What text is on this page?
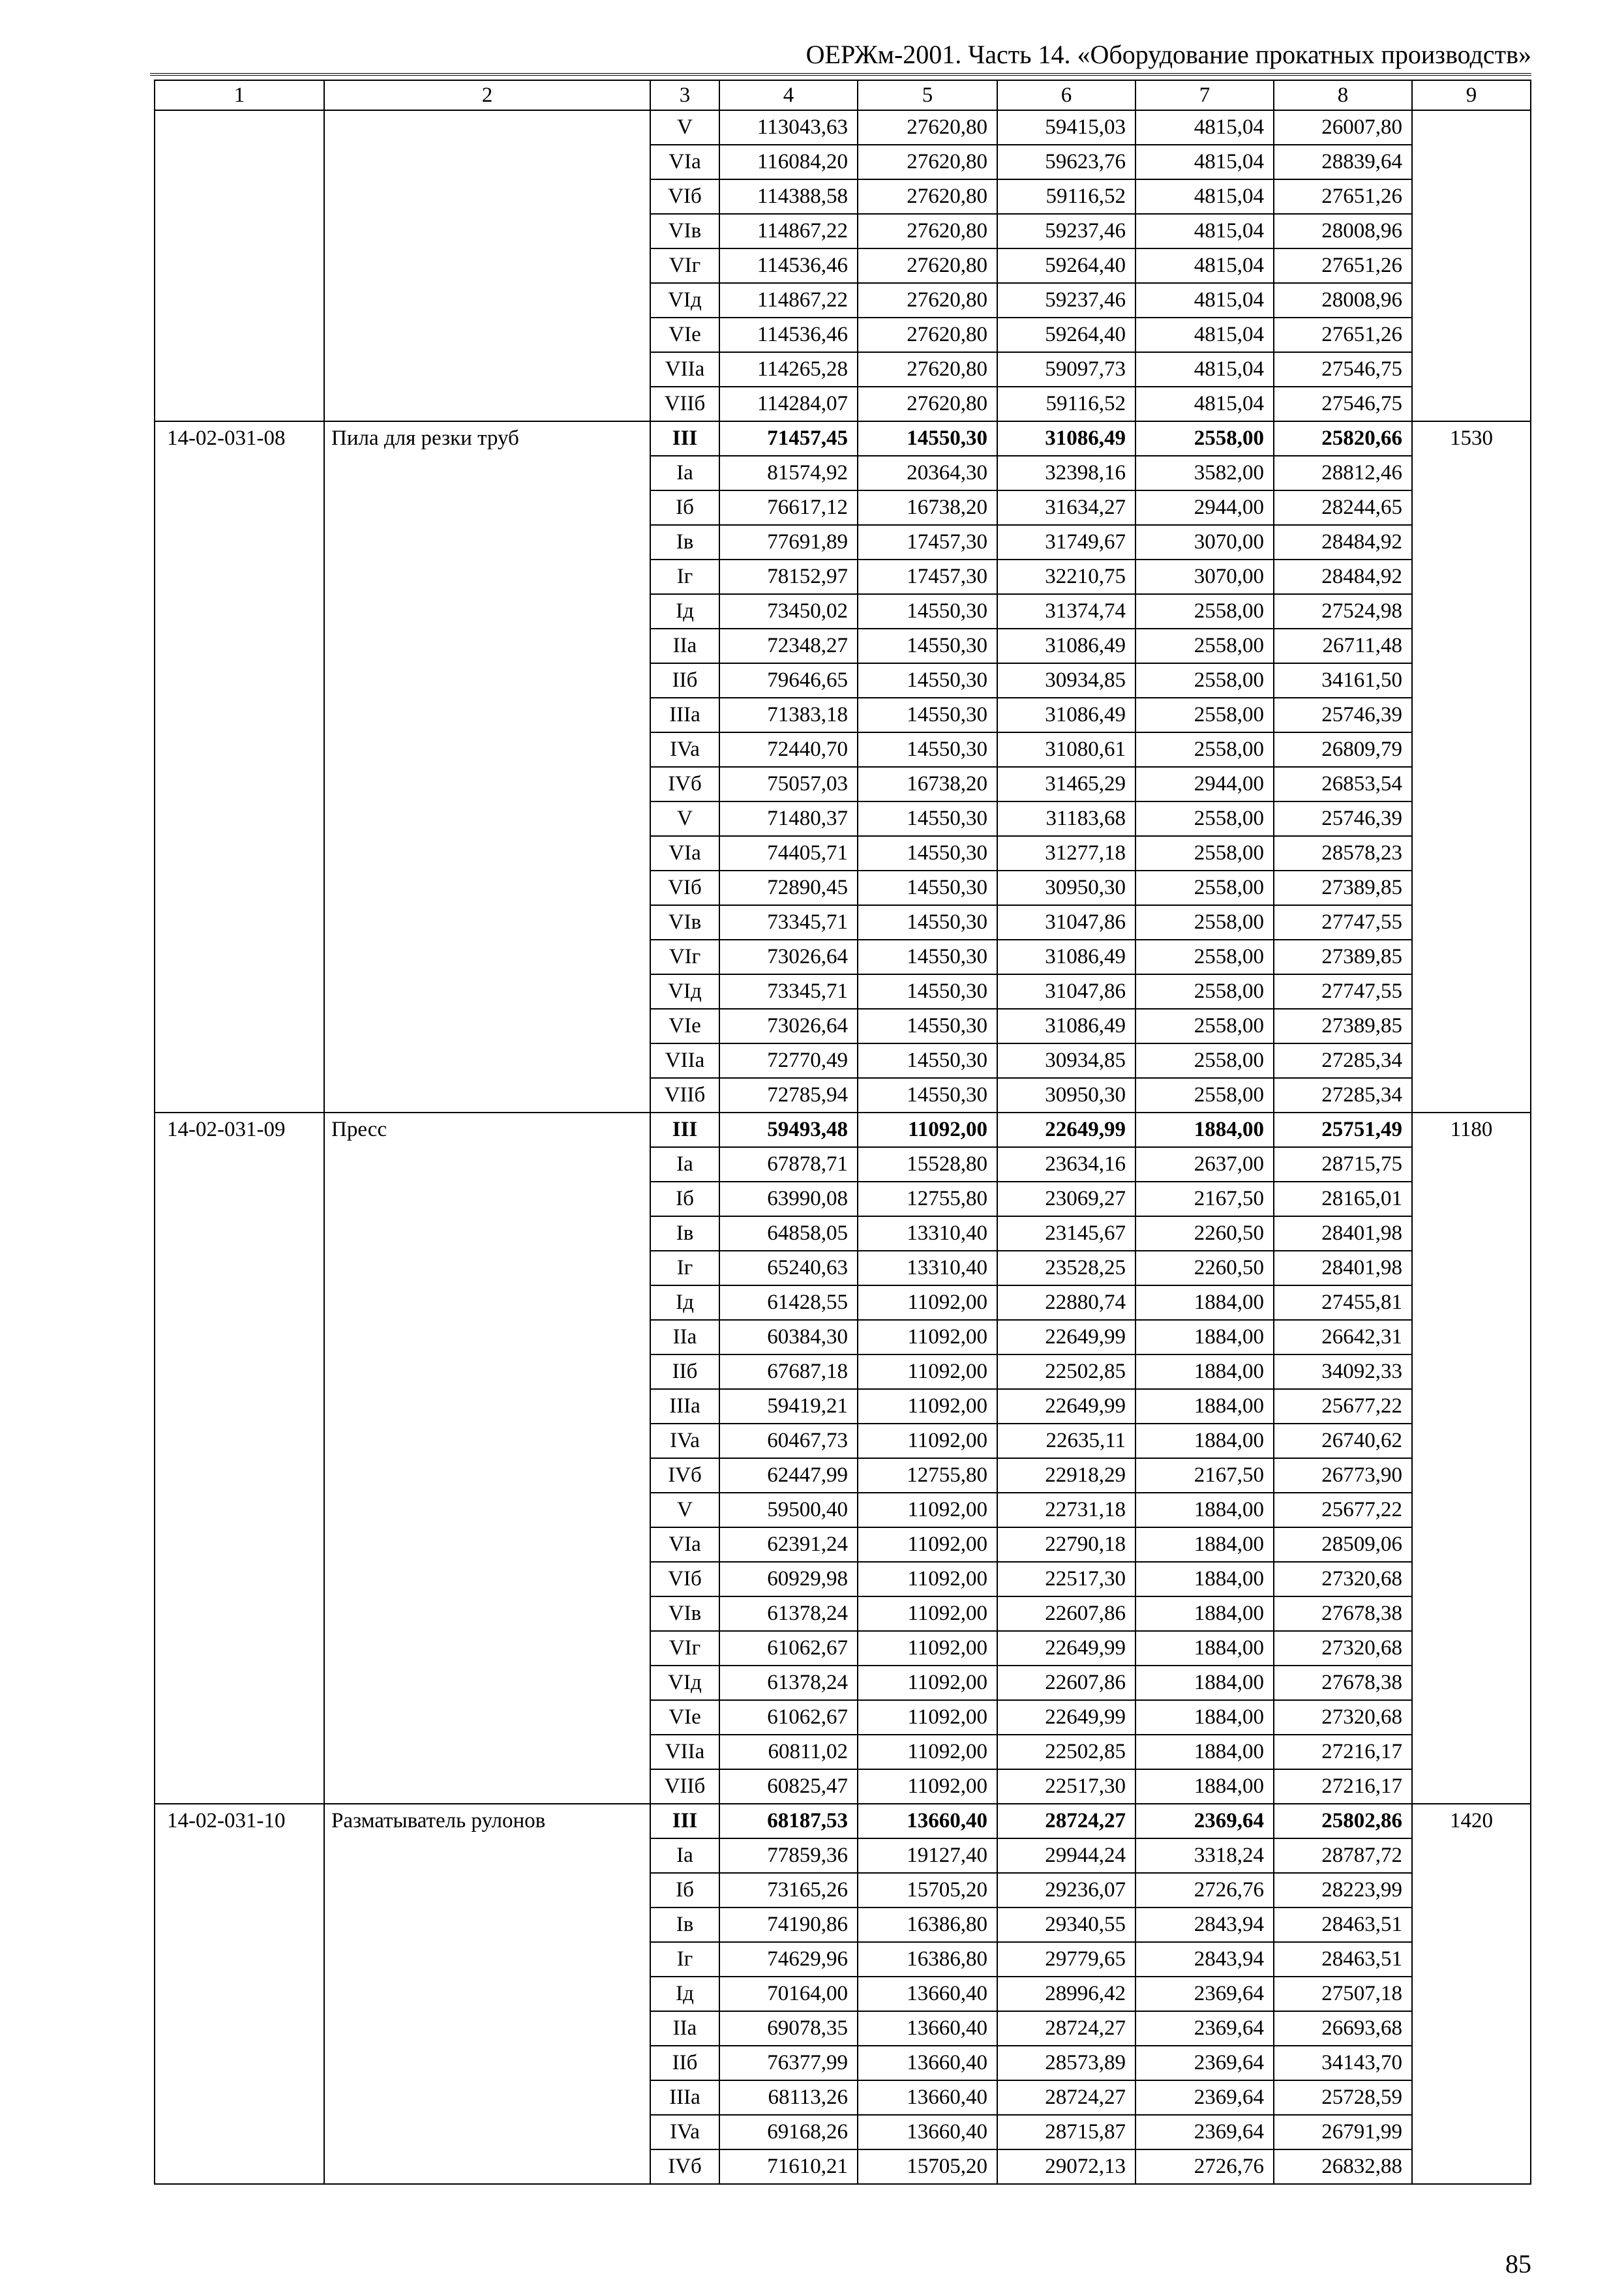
ОЕРЖм-2001. Часть 14. «Оборудование прокатных производств»
1	2	3	4	5	6	7	8	9
		V	113043,63	27620,80	59415,03	4815,04	26007,80	
		VIa	116084,20	27620,80	59623,76	4815,04	28839,64	
		VIб	114388,58	27620,80	59116,52	4815,04	27651,26	
		VIв	114867,22	27620,80	59237,46	4815,04	28008,96	
		VIг	114536,46	27620,80	59264,40	4815,04	27651,26	
		VIд	114867,22	27620,80	59237,46	4815,04	28008,96	
		VIe	114536,46	27620,80	59264,40	4815,04	27651,26	
		VIIa	114265,28	27620,80	59097,73	4815,04	27546,75	
		VIIб	114284,07	27620,80	59116,52	4815,04	27546,75	
14-02-031-08	Пила для резки труб	III	71457,45	14550,30	31086,49	2558,00	25820,66	1530
		Ia	81574,92	20364,30	32398,16	3582,00	28812,46	
		Iб	76617,12	16738,20	31634,27	2944,00	28244,65	
		Iв	77691,89	17457,30	31749,67	3070,00	28484,92	
		Iг	78152,97	17457,30	32210,75	3070,00	28484,92	
		Iд	73450,02	14550,30	31374,74	2558,00	27524,98	
		IIa	72348,27	14550,30	31086,49	2558,00	26711,48	
		IIб	79646,65	14550,30	30934,85	2558,00	34161,50	
		IIIa	71383,18	14550,30	31086,49	2558,00	25746,39	
		IVa	72440,70	14550,30	31080,61	2558,00	26809,79	
		IVб	75057,03	16738,20	31465,29	2944,00	26853,54	
		V	71480,37	14550,30	31183,68	2558,00	25746,39	
		VIa	74405,71	14550,30	31277,18	2558,00	28578,23	
		VIб	72890,45	14550,30	30950,30	2558,00	27389,85	
		VIв	73345,71	14550,30	31047,86	2558,00	27747,55	
		VIг	73026,64	14550,30	31086,49	2558,00	27389,85	
		VIд	73345,71	14550,30	31047,86	2558,00	27747,55	
		VIe	73026,64	14550,30	31086,49	2558,00	27389,85	
		VIIa	72770,49	14550,30	30934,85	2558,00	27285,34	
		VIIб	72785,94	14550,30	30950,30	2558,00	27285,34	
14-02-031-09	Пресс	III	59493,48	11092,00	22649,99	1884,00	25751,49	1180
		Ia	67878,71	15528,80	23634,16	2637,00	28715,75	
		Iб	63990,08	12755,80	23069,27	2167,50	28165,01	
		Iв	64858,05	13310,40	23145,67	2260,50	28401,98	
		Iг	65240,63	13310,40	23528,25	2260,50	28401,98	
		Iд	61428,55	11092,00	22880,74	1884,00	27455,81	
		IIa	60384,30	11092,00	22649,99	1884,00	26642,31	
		IIб	67687,18	11092,00	22502,85	1884,00	34092,33	
		IIIa	59419,21	11092,00	22649,99	1884,00	25677,22	
		IVa	60467,73	11092,00	22635,11	1884,00	26740,62	
		IVб	62447,99	12755,80	22918,29	2167,50	26773,90	
		V	59500,40	11092,00	22731,18	1884,00	25677,22	
		VIa	62391,24	11092,00	22790,18	1884,00	28509,06	
		VIб	60929,98	11092,00	22517,30	1884,00	27320,68	
		VIв	61378,24	11092,00	22607,86	1884,00	27678,38	
		VIг	61062,67	11092,00	22649,99	1884,00	27320,68	
		VIд	61378,24	11092,00	22607,86	1884,00	27678,38	
		VIe	61062,67	11092,00	22649,99	1884,00	27320,68	
		VIIa	60811,02	11092,00	22502,85	1884,00	27216,17	
		VIIб	60825,47	11092,00	22517,30	1884,00	27216,17	
14-02-031-10	Разматыватель рулонов	III	68187,53	13660,40	28724,27	2369,64	25802,86	1420
		Ia	77859,36	19127,40	29944,24	3318,24	28787,72	
		Iб	73165,26	15705,20	29236,07	2726,76	28223,99	
		Iв	74190,86	16386,80	29340,55	2843,94	28463,51	
		Iг	74629,96	16386,80	29779,65	2843,94	28463,51	
		Iд	70164,00	13660,40	28996,42	2369,64	27507,18	
		IIa	69078,35	13660,40	28724,27	2369,64	26693,68	
		IIб	76377,99	13660,40	28573,89	2369,64	34143,70	
		IIIa	68113,26	13660,40	28724,27	2369,64	25728,59	
		IVa	69168,26	13660,40	28715,87	2369,64	26791,99	
		IVб	71610,21	15705,20	29072,13	2726,76	26832,88	
85
